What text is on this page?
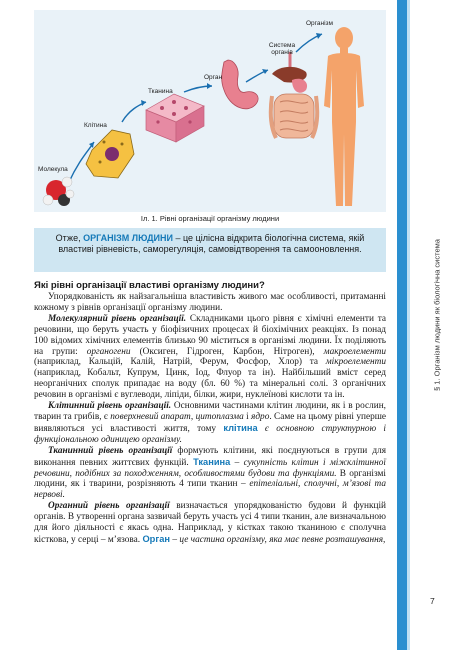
Молекула
Клітина
Тканина
Орган
Система органів
Організм
Іл. 1. Рівні організації організму людини
Отже, ОРГАНІЗМ ЛЮДИНИ – це цілісна відкрита біологічна система, якій властиві рівневість, саморегуляція, самовідтворення та самооновлення.
Які рівні організації властиві організму людини?

Упорядкованість як найзагальніша властивість живого має особливості, притаманні кожному з рівнів організації організму людини.

Молекулярний рівень організації. Складниками цього рівня є хімічні елементи та речовини, що беруть участь у біофізичних процесах й біохімічних реакціях. Із понад 100 відомих хімічних елементів близько 90 міститься в організмі людини. Їх поділяють на групи: органогени (Оксиген, Гідроген, Карбон, Нітроген), макроелементи (наприклад, Кальцій, Калій, Натрій, Ферум, Фосфор, Хлор) та мікроелементи (наприклад, Кобальт, Купрум, Цинк, Іод, Флуор та ін). Найбільший вміст серед неорганічних сполук припадає на воду (бл. 60 %) та мінеральні солі. З органічних речовин в організмі є вуглеводи, ліпіди, білки, жири, нуклеїнові кислоти та ін.

Клітинний рівень організації. Основними частинами клітин людини, як і в рослин, тварин та грибів, є поверхневий апарат, цитоплазма і ядро. Саме на цьому рівні уперше виявляються усі властивості життя, тому клітина є основною структурною і функціональною одиницею організму.

Тканинний рівень організації формують клітини, які поєднуються в групи для виконання певних життєвих функцій. Тканина – сукупність клітин і міжклітинної речовини, подібних за походженням, особливостями будови та функціями. В організмі людини, як і тварини, розрізняють 4 типи тканин – епітеліальні, сполучні, м’язові та нервові.

Органний рівень організації визначається упорядкованістю будови й функцій органів. В утворенні органа зазвичай беруть участь усі 4 типи тканин, але визначальною для його діяльності є якась одна. Наприклад, у кістках такою тканиною є сполучна кісткова, у серці – м’язова. Орган – це частина організму, яка має певне розташування,

§ 1. Організм людини як біологічна система
7
